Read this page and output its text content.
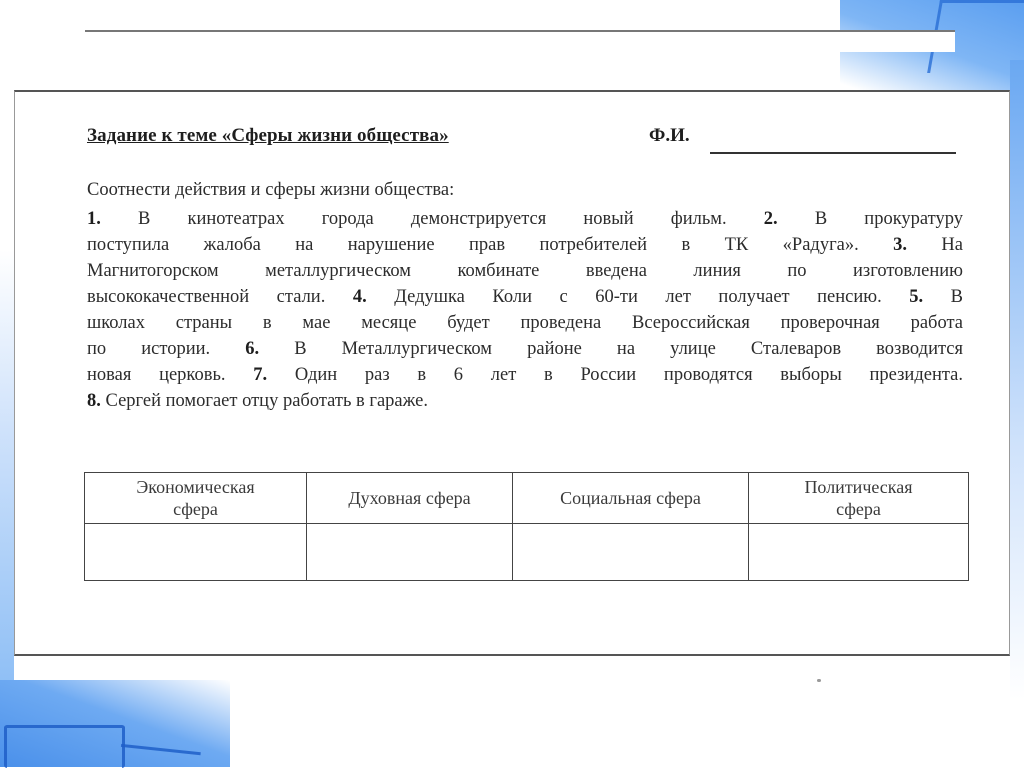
Задание к теме «Сферы жизни общества»	Ф.И.
Соотнести действия и сферы жизни общества:
1. В кинотеатрах города демонстрируется новый фильм. 2. В прокуратуру
поступила жалоба на нарушение прав потребителей в ТК «Радуга». 3. На
Магнитогорском металлургическом комбинате введена линия по изготовлению
высококачественной стали. 4. Дедушка Коли с 60-ти лет получает пенсию. 5. В
школах страны в мае месяце будет проведена Всероссийская проверочная работа
по истории. 6. В Металлургическом районе на улице Сталеваров возводится
новая церковь. 7. Один раз в 6 лет в России проводятся выборы президента.
8. Сергей помогает отцу работать в гараже.
Экономическая
сфера	Духовная сфера	Социальная сфера	Политическая
сфера
